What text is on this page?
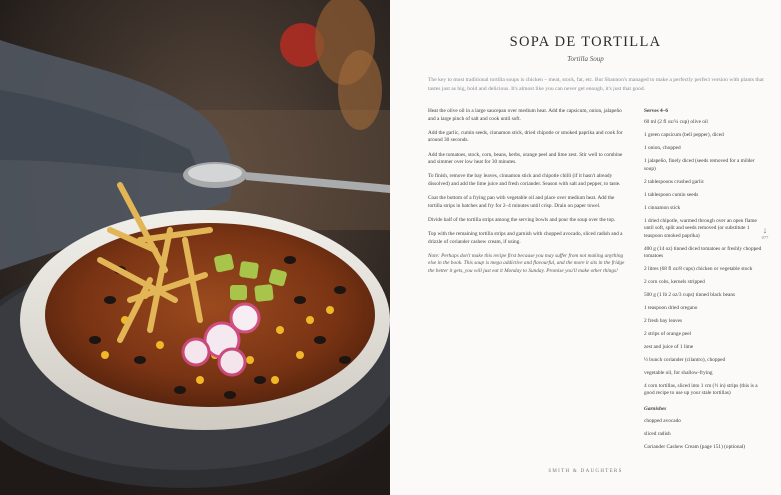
SOPA DE TORTILLA
Tortilla Soup
The key to most traditional tortilla soups is chicken – meat, stock, fat, etc. But Shannon's managed to make a perfectly perfect version with plants that tastes just as big, bold and delicious. It's almost like you can never get enough, it's just that good.

Heat the olive oil in a large saucepan over medium heat. Add the capsicum, onion, jalapeño and a large pinch of salt and cook until soft.

Add the garlic, cumin seeds, cinnamon stick, dried chipotle or smoked paprika and cook for around 30 seconds.

Add the tomatoes, stock, corn, beans, herbs, orange peel and lime zest. Stir well to combine and simmer over low heat for 30 minutes.

To finish, remove the bay leaves, cinnamon stick and chipotle chilli (if it hasn't already dissolved) and add the lime juice and fresh coriander. Season with salt and pepper, to taste.

Coat the bottom of a frying pan with vegetable oil and place over medium heat. Add the tortilla strips in batches and fry for 2–4 minutes until crisp. Drain on paper towel.

Divide half of the tortilla strips among the serving bowls and pour the soup over the top.

Top with the remaining tortilla strips and garnish with chopped avocado, sliced radish and a drizzle of coriander cashew cream, if using.

Note: Perhaps don't make this recipe first because you may suffer from not making anything else in the book. This soup is mega addictive and flavourful, and the more it sits in the fridge the better it gets, you will just eat it Monday to Sunday. Promise you'll make other things!

Serves 4–6
60 ml (2 fl oz/¼ cup) olive oil
1 green capsicum (bell pepper), diced
1 onion, chopped
1 jalapeño, finely diced (seeds removed for a milder soup)
2 tablespoons crushed garlic
1 tablespoon cumin seeds
1 cinnamon stick
1 dried chipotle, warmed through over an open flame until soft, split and seeds removed (or substitute 1 teaspoon smoked paprika)
400 g (14 oz) tinned diced tomatoes or freshly chopped tomatoes
2 litres (68 fl oz/8 cups) chicken or vegetable stock
2 corn cobs, kernels stripped
500 g (1 lb 2 oz/3 cups) tinned black beans
1 teaspoon dried oregano
2 fresh bay leaves
2 strips of orange peel
zest and juice of 1 lime
½ bunch coriander (cilantro), chopped
vegetable oil, for shallow-frying
4 corn tortillas, sliced into 1 cm (½ in) strips (this is a good recipe to use up your stale tortillas)
Garnishes
chopped avocado
sliced radish
Coriander Cashew Cream (page 151) (optional)
↓
077
SMITH & DAUGHTERS
